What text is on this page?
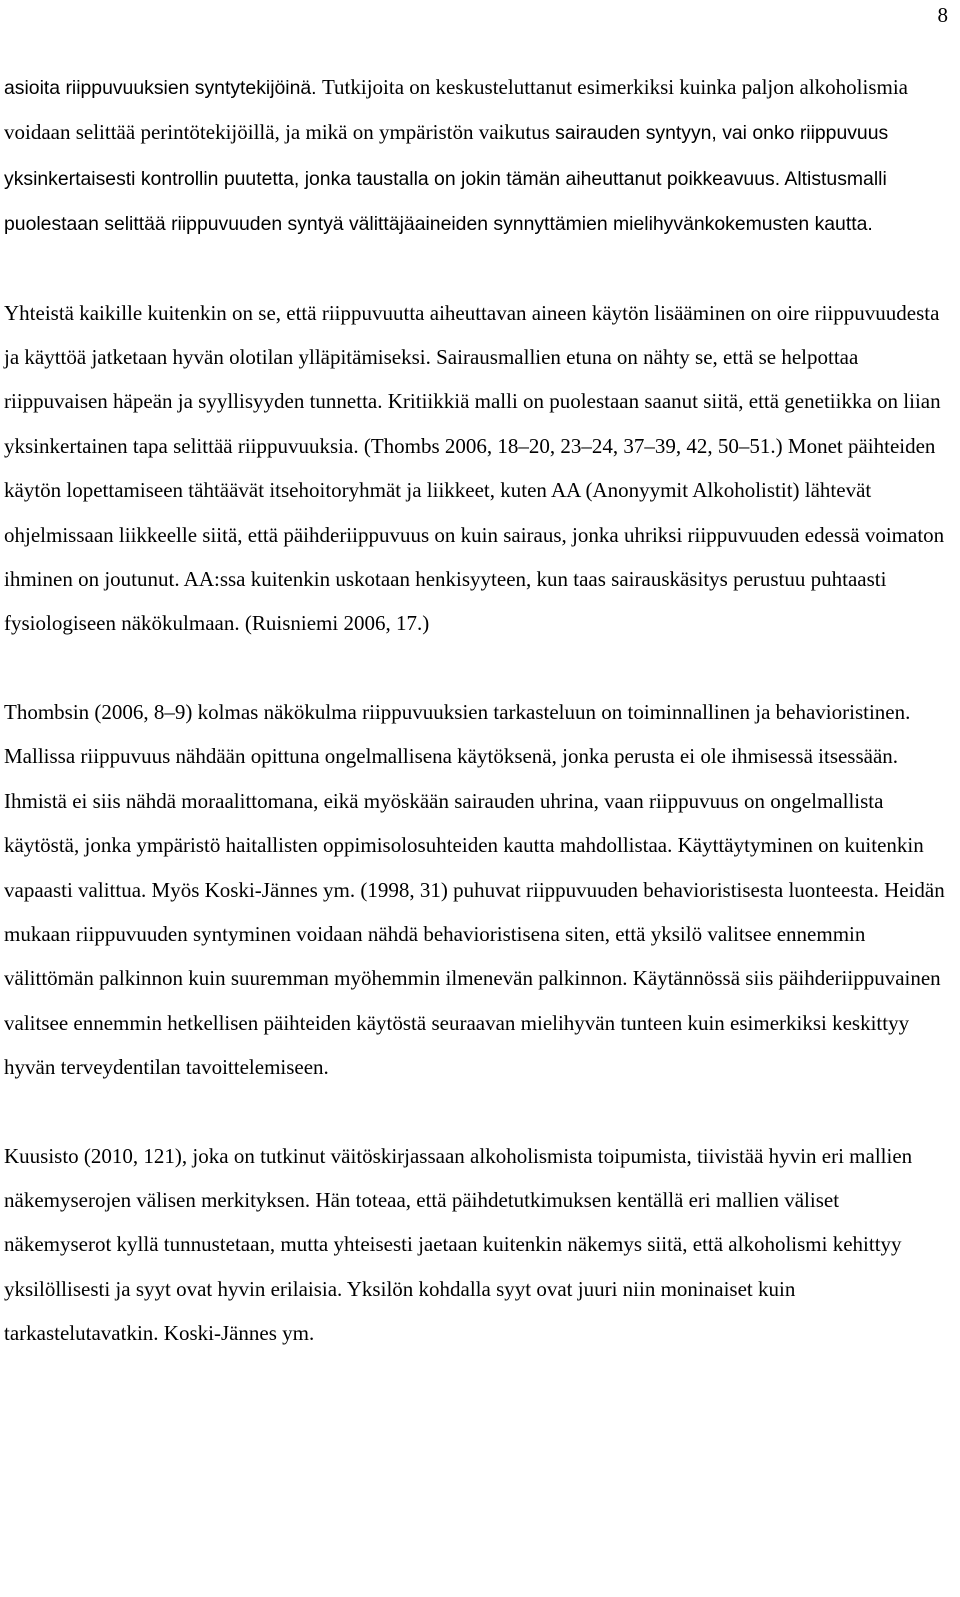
8

asioita riippuvuuksien syntytekijöinä. Tutkijoita on keskusteluttanut esimerkiksi kuinka paljon alkoholismia voidaan selittää perintötekijöillä, ja mikä on ympäristön vaikutus sairauden syntyyn, vai onko riippuvuus yksinkertaisesti kontrollin puutetta, jonka taustalla on jokin tämän aiheuttanut poikkeavuus. Altistusmalli puolestaan selittää riippuvuuden syntyä välittäjäaineiden synnyttämien mielihyvänkokemusten kautta.

Yhteistä kaikille kuitenkin on se, että riippuvuutta aiheuttavan aineen käytön lisääminen on oire riippuvuudesta ja käyttöä jatketaan hyvän olotilan ylläpitämiseksi. Sairausmallien etuna on nähty se, että se helpottaa riippuvaisen häpeän ja syyllisyyden tunnetta. Kritiikkiä malli on puolestaan saanut siitä, että genetiikka on liian yksinkertainen tapa selittää riippuvuuksia. (Thombs 2006, 18–20, 23–24, 37–39, 42, 50–51.) Monet päihteiden käytön lopettamiseen tähtäävät itsehoitoryhmät ja liikkeet, kuten AA (Anonyymit Alkoholistit) lähtevät ohjelmissaan liikkeelle siitä, että päihderiippuvuus on kuin sairaus, jonka uhriksi riippuvuuden edessä voimaton ihminen on joutunut. AA:ssa kuitenkin uskotaan henkisyyteen, kun taas sairauskäsitys perustuu puhtaasti fysiologiseen näkökulmaan. (Ruisniemi 2006, 17.)

Thombsin (2006, 8–9) kolmas näkökulma riippuvuuksien tarkasteluun on toiminnallinen ja behavioristinen. Mallissa riippuvuus nähdään opittuna ongelmallisena käytöksenä, jonka perusta ei ole ihmisessä itsessään. Ihmistä ei siis nähdä moraalittomana, eikä myöskään sairauden uhrina, vaan riippuvuus on ongelmallista käytöstä, jonka ympäristö haitallisten oppimisolosuhteiden kautta mahdollistaa. Käyttäytyminen on kuitenkin vapaasti valittua. Myös Koski-Jännes ym. (1998, 31) puhuvat riippuvuuden behavioristisesta luonteesta. Heidän mukaan riippuvuuden syntyminen voidaan nähdä behavioristisena siten, että yksilö valitsee ennemmin välittömän palkinnon kuin suuremman myöhemmin ilmenevän palkinnon. Käytännössä siis päihderiippuvainen valitsee ennemmin hetkellisen päihteiden käytöstä seuraavan mielihyvän tunteen kuin esimerkiksi keskittyy hyvän terveydentilan tavoittelemiseen.

Kuusisto (2010, 121), joka on tutkinut väitöskirjassaan alkoholismista toipumista, tiivistää hyvin eri mallien näkemyserojen välisen merkityksen. Hän toteaa, että päihdetutkimuksen kentällä eri mallien väliset näkemyserot kyllä tunnustetaan, mutta yhteisesti jaetaan kuitenkin näkemys siitä, että alkoholismi kehittyy yksilöllisesti ja syyt ovat hyvin erilaisia. Yksilön kohdalla syyt ovat juuri niin moninaiset kuin tarkastelutavatkin. Koski-Jännes ym.
